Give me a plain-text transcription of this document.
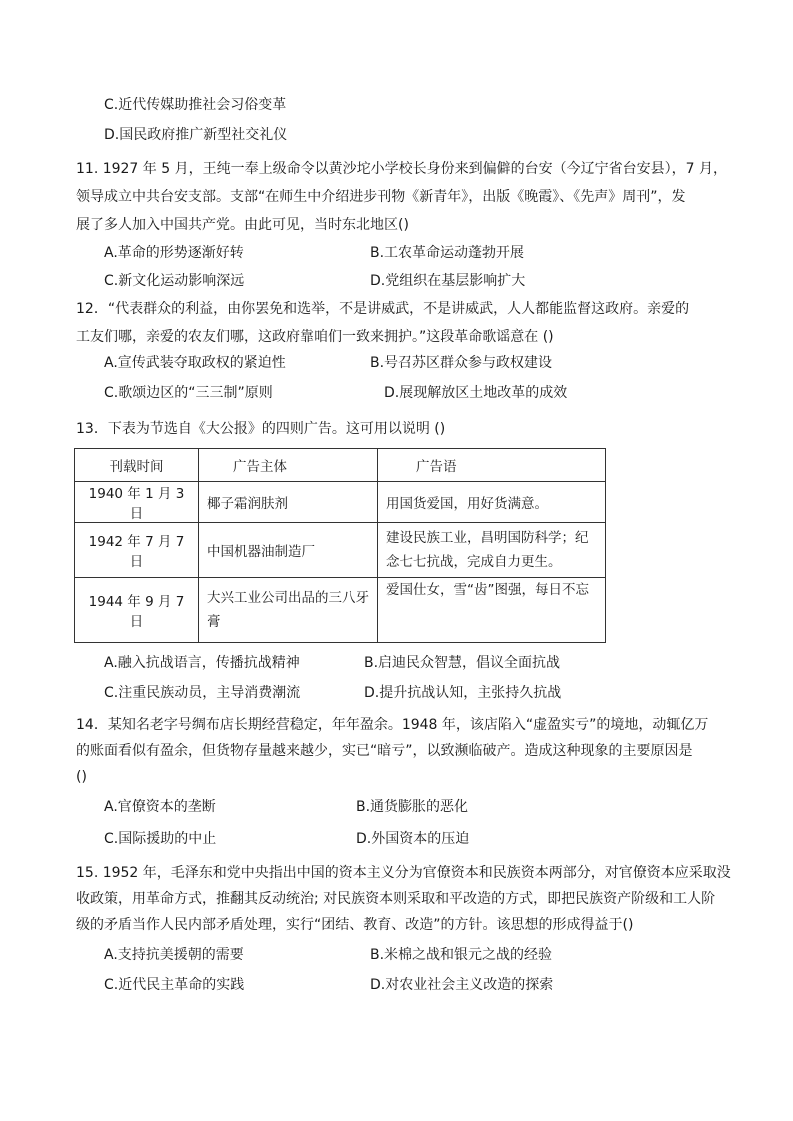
C.近代传媒助推社会习俗变革
D.国民政府推广新型社交礼仪
11. 1927 年 5 月，王纯一奉上级命令以黄沙坨小学校长身份来到偏僻的台安（今辽宁省台安县），7 月，
领导成立中共台安支部。支部“在师生中介绍进步刊物《新青年》，出版《晚霞》、《先声》周刊”，发
展了多人加入中国共产党。由此可见，当时东北地区()
A.革命的形势逐渐好转	B.工农革命运动蓬勃开展
C.新文化运动影响深远	D.党组织在基层影响扩大
12．“代表群众的利益，由你罢免和选举，不是讲威武，不是讲威武，人人都能监督这政府。亲爱的
工友们哪，亲爱的农友们哪，这政府靠咱们一致来拥护。”这段革命歌谣意在 ()
A.宣传武装夺取政权的紧迫性	B.号召苏区群众参与政权建设
C.歌颂边区的“三三制”原则	D.展现解放区土地改革的成效
13．下表为节选自《大公报》的四则广告。这可用以说明 ()
刊载时间	广告主体	广告语
1940 年 1 月 3 日	椰子霜润肤剂	用国货爱国，用好货满意。
1942 年 7 月 7 日	中国机器油制造厂	建设民族工业，昌明国防科学；纪念七七抗战，完成自力更生。
1944 年 9 月 7 日	大兴工业公司出品的三八牙膏	爱国仕女，雪“齿”图强，每日不忘
A.融入抗战语言，传播抗战精神	B.启迪民众智慧，倡议全面抗战
C.注重民族动员，主导消费潮流	D.提升抗战认知，主张持久抗战
14．某知名老字号绸布店长期经营稳定，年年盈余。1948 年，该店陷入“虚盈实亏”的境地，动辄亿万
的账面看似有盈余，但货物存量越来越少，实已“暗亏”，以致濒临破产。造成这种现象的主要原因是
()
A.官僚资本的垄断	B.通货膨胀的恶化
C.国际援助的中止	D.外国资本的压迫
15. 1952 年，毛泽东和党中央指出中国的资本主义分为官僚资本和民族资本两部分，对官僚资本应采取没
收政策，用革命方式，推翻其反动统治; 对民族资本则采取和平改造的方式，即把民族资产阶级和工人阶
级的矛盾当作人民内部矛盾处理，实行“团结、教育、改造”的方针。该思想的形成得益于()
A.支持抗美援朝的需要	B.米棉之战和银元之战的经验
C.近代民主革命的实践	D.对农业社会主义改造的探索
